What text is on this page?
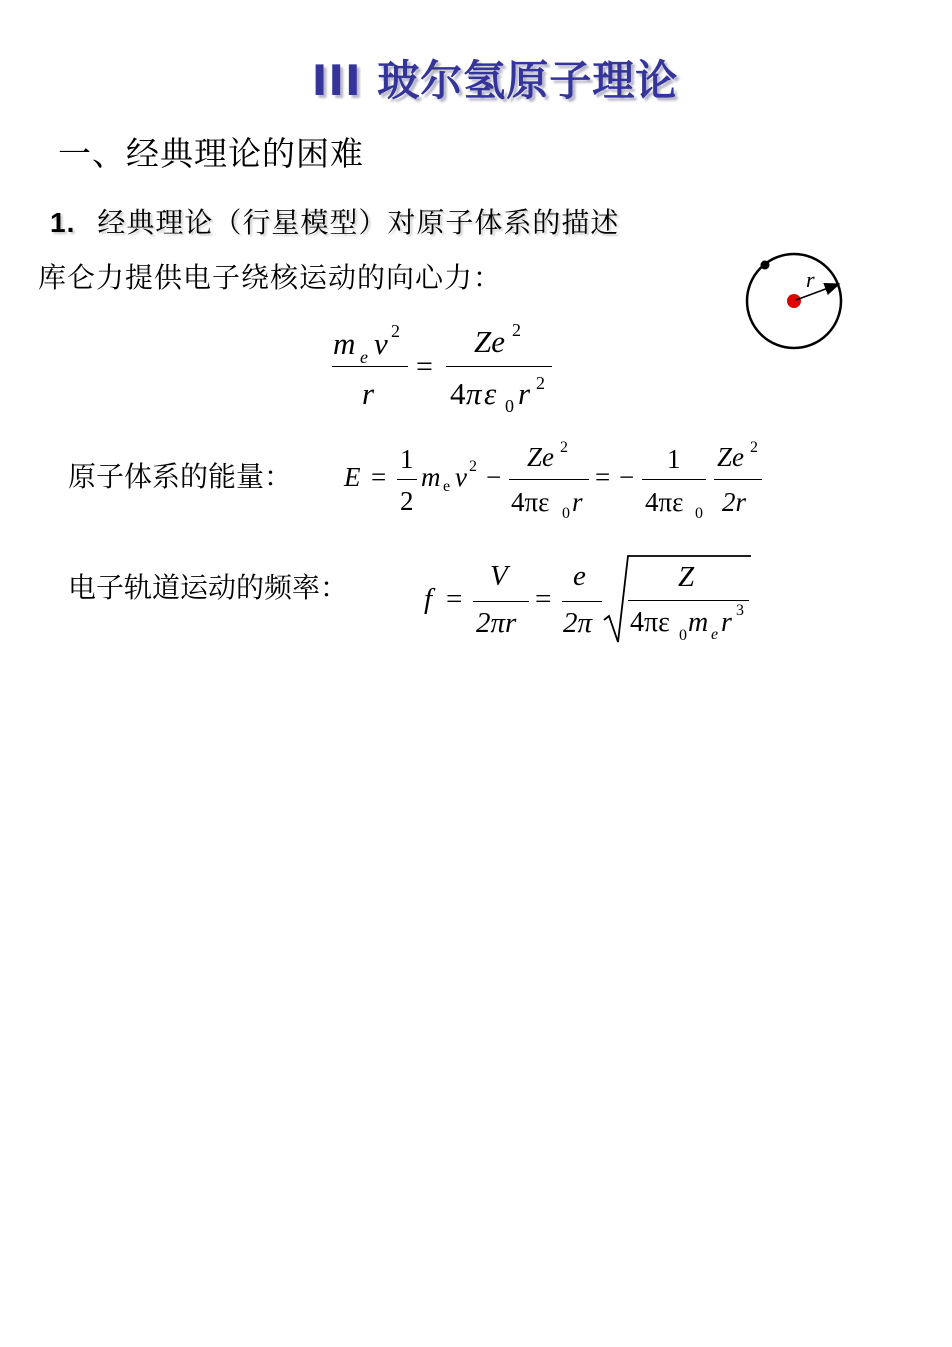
III 玻尔氢原子理论
一、经典理论的困难
1. 经典理论（行星模型）对原子体系的描述
库仑力提供电子绕核运动的向心力：	r
m e v 2
r
=
Ze 2
4 π ε 0 r 2
原子体系的能量： E =
1
2
m e v 2 −
Ze 2
4πε 0 r
= −
1
4πε 0
Ze 2
2r
电子轨道运动的频率：	f =
V
2πr
=
e
2π
Z
4πε 0 m e r 3
